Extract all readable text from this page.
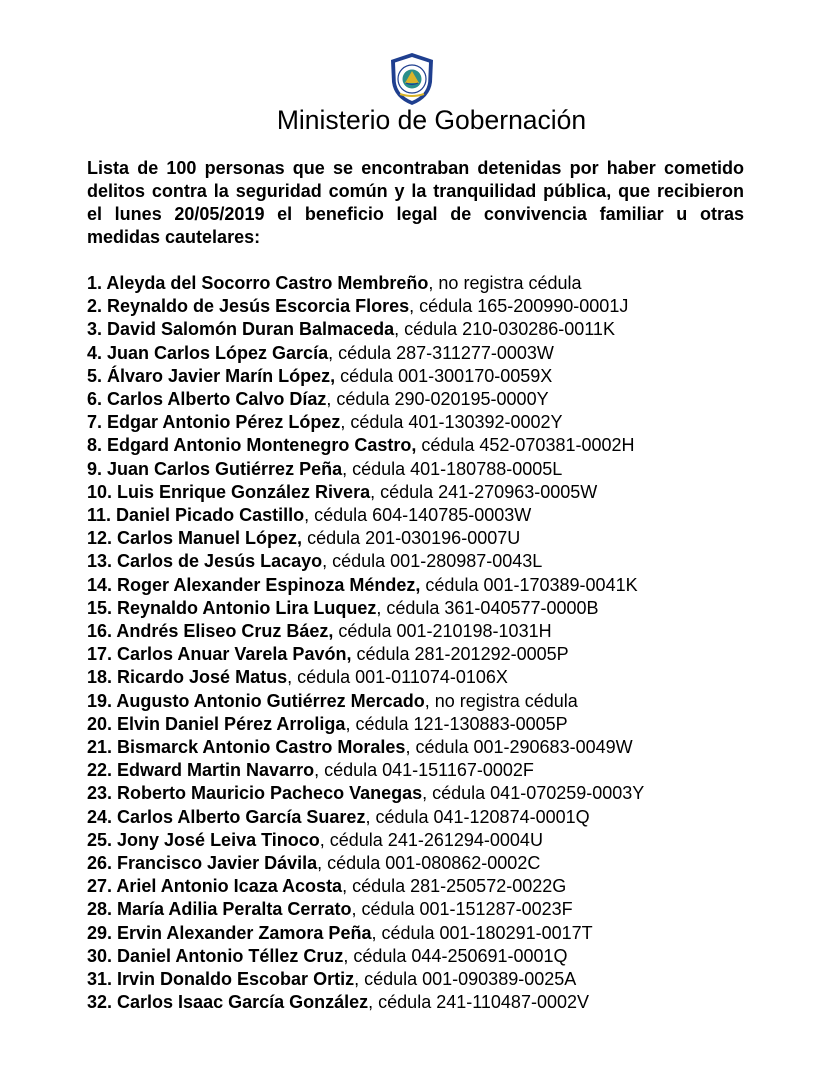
Ministerio de Gobernación

Lista de 100 personas que se encontraban detenidas por haber cometido delitos contra la seguridad común y la tranquilidad pública, que recibieron el lunes 20/05/2019 el beneficio legal de convivencia familiar u otras medidas cautelares:

1. Aleyda del Socorro Castro Membreño, no registra cédula
2. Reynaldo de Jesús Escorcia Flores, cédula 165-200990-0001J
3. David Salomón Duran Balmaceda, cédula 210-030286-0011K
4. Juan Carlos López García, cédula 287-311277-0003W
5. Álvaro Javier Marín López, cédula 001-300170-0059X
6. Carlos Alberto Calvo Díaz, cédula 290-020195-0000Y
7. Edgar Antonio Pérez López, cédula 401-130392-0002Y
8. Edgard Antonio Montenegro Castro, cédula 452-070381-0002H
9. Juan Carlos Gutiérrez Peña, cédula 401-180788-0005L
10. Luis Enrique González Rivera, cédula 241-270963-0005W
11. Daniel Picado Castillo, cédula 604-140785-0003W
12. Carlos Manuel López, cédula 201-030196-0007U
13. Carlos de Jesús Lacayo, cédula 001-280987-0043L
14. Roger Alexander Espinoza Méndez, cédula 001-170389-0041K
15. Reynaldo Antonio Lira Luquez, cédula 361-040577-0000B
16. Andrés Eliseo Cruz Báez, cédula 001-210198-1031H
17. Carlos Anuar Varela Pavón, cédula 281-201292-0005P
18. Ricardo José Matus, cédula 001-011074-0106X
19. Augusto Antonio Gutiérrez Mercado, no registra cédula
20. Elvin Daniel Pérez Arroliga, cédula 121-130883-0005P
21. Bismarck Antonio Castro Morales, cédula 001-290683-0049W
22. Edward Martin Navarro, cédula 041-151167-0002F
23. Roberto Mauricio Pacheco Vanegas, cédula 041-070259-0003Y
24. Carlos Alberto García Suarez, cédula 041-120874-0001Q
25. Jony José Leiva Tinoco, cédula 241-261294-0004U
26. Francisco Javier Dávila, cédula 001-080862-0002C
27. Ariel Antonio Icaza Acosta, cédula 281-250572-0022G
28. María Adilia Peralta Cerrato, cédula 001-151287-0023F
29. Ervin Alexander Zamora Peña, cédula 001-180291-0017T
30. Daniel Antonio Téllez Cruz, cédula 044-250691-0001Q
31. Irvin Donaldo Escobar Ortiz, cédula 001-090389-0025A
32. Carlos Isaac García González, cédula 241-110487-0002V
